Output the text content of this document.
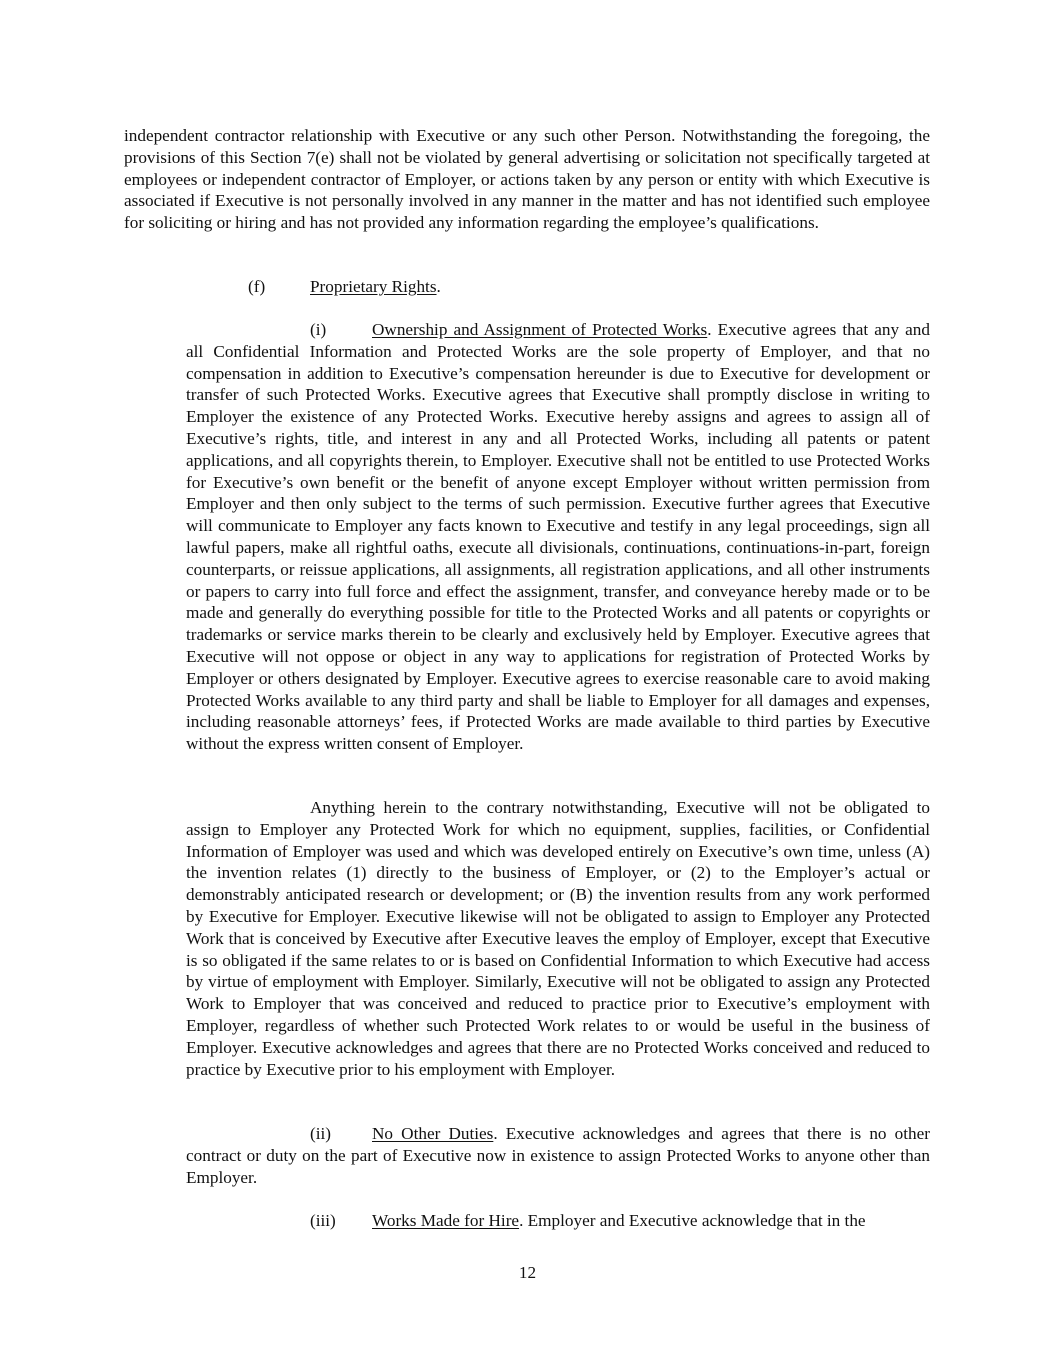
independent contractor relationship with Executive or any such other Person. Notwithstanding the foregoing, the provisions of this Section 7(e) shall not be violated by general advertising or solicitation not specifically targeted at employees or independent contractor of Employer, or actions taken by any person or entity with which Executive is associated if Executive is not personally involved in any manner in the matter and has not identified such employee for soliciting or hiring and has not provided any information regarding the employee’s qualifications.

(f)	Proprietary Rights.

(i)	Ownership and Assignment of Protected Works. Executive agrees that any and all Confidential Information and Protected Works are the sole property of Employer, and that no compensation in addition to Executive’s compensation hereunder is due to Executive for development or transfer of such Protected Works. Executive agrees that Executive shall promptly disclose in writing to Employer the existence of any Protected Works. Executive hereby assigns and agrees to assign all of Executive’s rights, title, and interest in any and all Protected Works, including all patents or patent applications, and all copyrights therein, to Employer. Executive shall not be entitled to use Protected Works for Executive’s own benefit or the benefit of anyone except Employer without written permission from Employer and then only subject to the terms of such permission. Executive further agrees that Executive will communicate to Employer any facts known to Executive and testify in any legal proceedings, sign all lawful papers, make all rightful oaths, execute all divisionals, continuations, continuations-in-part, foreign counterparts, or reissue applications, all assignments, all registration applications, and all other instruments or papers to carry into full force and effect the assignment, transfer, and conveyance hereby made or to be made and generally do everything possible for title to the Protected Works and all patents or copyrights or trademarks or service marks therein to be clearly and exclusively held by Employer. Executive agrees that Executive will not oppose or object in any way to applications for registration of Protected Works by Employer or others designated by Employer. Executive agrees to exercise reasonable care to avoid making Protected Works available to any third party and shall be liable to Employer for all damages and expenses, including reasonable attorneys’ fees, if Protected Works are made available to third parties by Executive without the express written consent of Employer.

Anything herein to the contrary notwithstanding, Executive will not be obligated to assign to Employer any Protected Work for which no equipment, supplies, facilities, or Confidential Information of Employer was used and which was developed entirely on Executive’s own time, unless (A) the invention relates (1) directly to the business of Employer, or (2) to the Employer’s actual or demonstrably anticipated research or development; or (B) the invention results from any work performed by Executive for Employer. Executive likewise will not be obligated to assign to Employer any Protected Work that is conceived by Executive after Executive leaves the employ of Employer, except that Executive is so obligated if the same relates to or is based on Confidential Information to which Executive had access by virtue of employment with Employer. Similarly, Executive will not be obligated to assign any Protected Work to Employer that was conceived and reduced to practice prior to Executive’s employment with Employer, regardless of whether such Protected Work relates to or would be useful in the business of Employer. Executive acknowledges and agrees that there are no Protected Works conceived and reduced to practice by Executive prior to his employment with Employer.

(ii) No Other Duties. Executive acknowledges and agrees that there is no other contract or duty on the part of Executive now in existence to assign Protected Works to anyone other than Employer.

(iii) Works Made for Hire. Employer and Executive acknowledge that in the

12
